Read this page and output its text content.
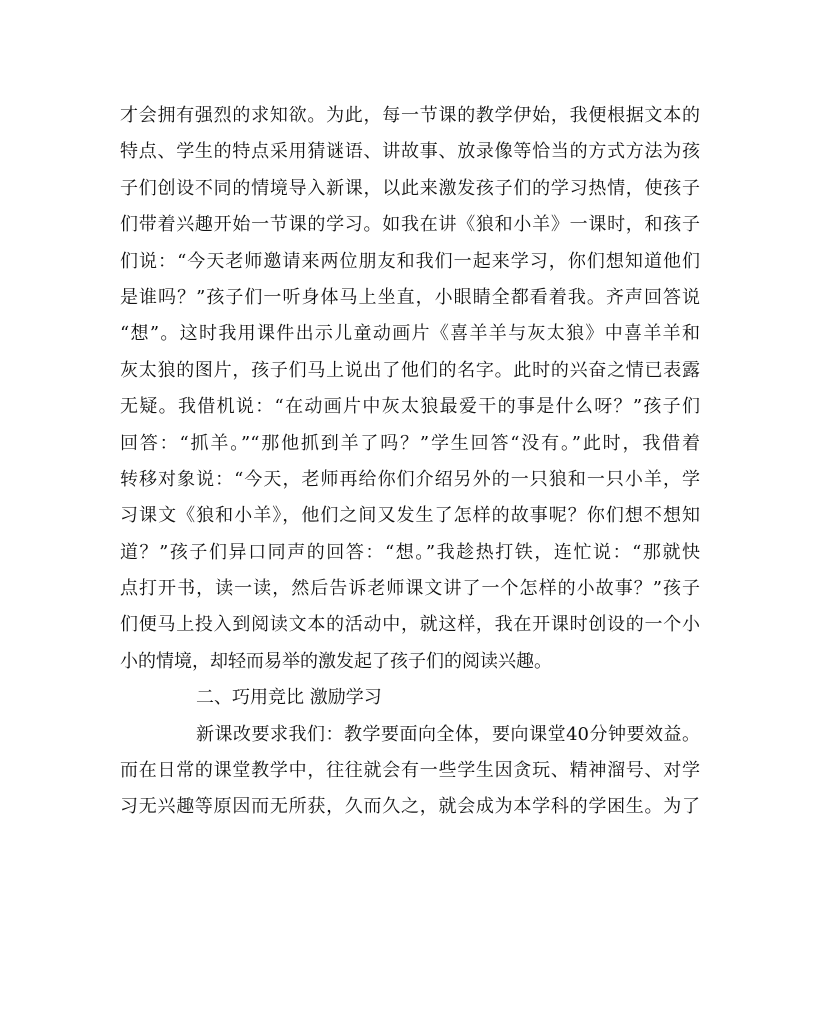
才会拥有强烈的求知欲。为此，每一节课的教学伊始，我便根据文本的
特点、学生的特点采用猜谜语、讲故事、放录像等恰当的方式方法为孩
子们创设不同的情境导入新课，以此来激发孩子们的学习热情，使孩子
们带着兴趣开始一节课的学习。如我在讲《狼和小羊》一课时，和孩子
们说：“今天老师邀请来两位朋友和我们一起来学习，你们想知道他们
是谁吗？”孩子们一听身体马上坐直，小眼睛全都看着我。齐声回答说
“想”。这时我用课件出示儿童动画片《喜羊羊与灰太狼》中喜羊羊和
灰太狼的图片，孩子们马上说出了他们的名字。此时的兴奋之情已表露
无疑。我借机说：“在动画片中灰太狼最爱干的事是什么呀？”孩子们
回答：“抓羊。”“那他抓到羊了吗？”学生回答“没有。”此时，我借着
转移对象说：“今天，老师再给你们介绍另外的一只狼和一只小羊，学
习课文《狼和小羊》，他们之间又发生了怎样的故事呢？你们想不想知
道？”孩子们异口同声的回答：“想。”我趁热打铁，连忙说：“那就快
点打开书，读一读，然后告诉老师课文讲了一个怎样的小故事？”孩子
们便马上投入到阅读文本的活动中，就这样，我在开课时创设的一个小
小的情境，却轻而易举的激发起了孩子们的阅读兴趣。
二、巧用竞比 激励学习
新课改要求我们：教学要面向全体，要向课堂40分钟要效益。
而在日常的课堂教学中，往往就会有一些学生因贪玩、精神溜号、对学
习无兴趣等原因而无所获，久而久之，就会成为本学科的学困生。为了
